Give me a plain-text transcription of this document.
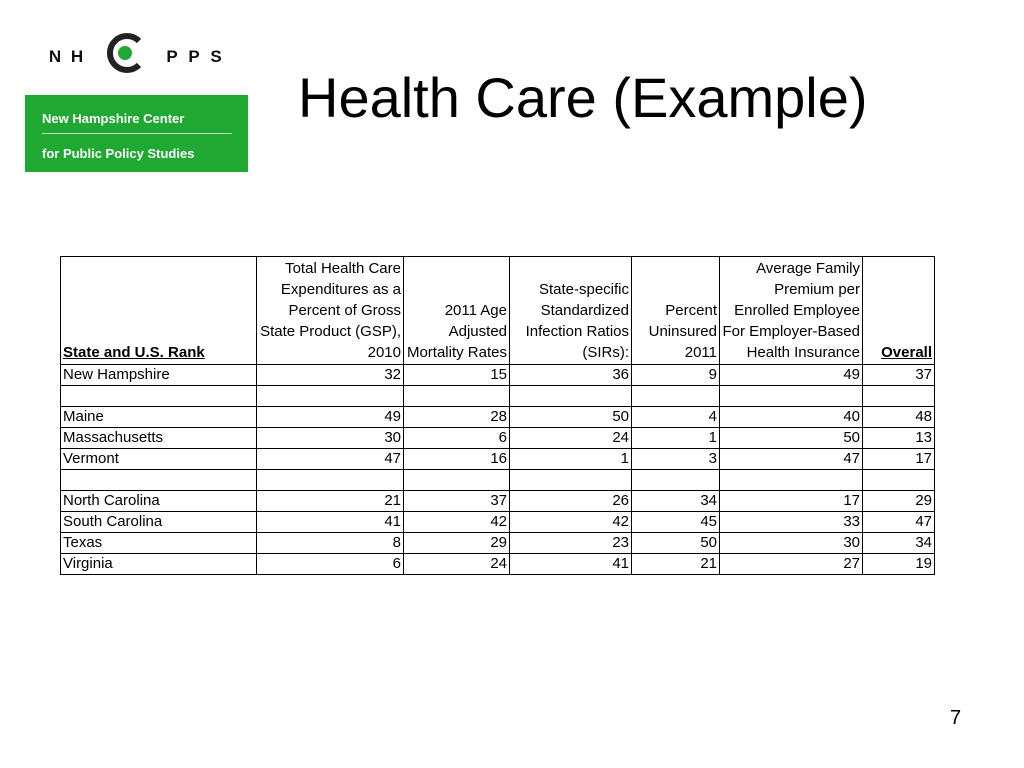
N H	P P S
New Hampshire Center
for Public Policy Studies
Health Care (Example)
State and U.S. Rank	Total Health Care Expenditures as a Percent of Gross State Product (GSP), 2010	2011 Age Adjusted Mortality Rates	State-specific Standardized Infection Ratios (SIRs):	Percent Uninsured 2011	Average Family Premium per Enrolled Employee For Employer-Based Health Insurance	Overall
New Hampshire	32	15	36	9	49	37

Maine	49	28	50	4	40	48
Massachusetts	30	6	24	1	50	13
Vermont	47	16	1	3	47	17

North Carolina	21	37	26	34	17	29
South Carolina	41	42	42	45	33	47
Texas	8	29	23	50	30	34
Virginia	6	24	41	21	27	19
7
